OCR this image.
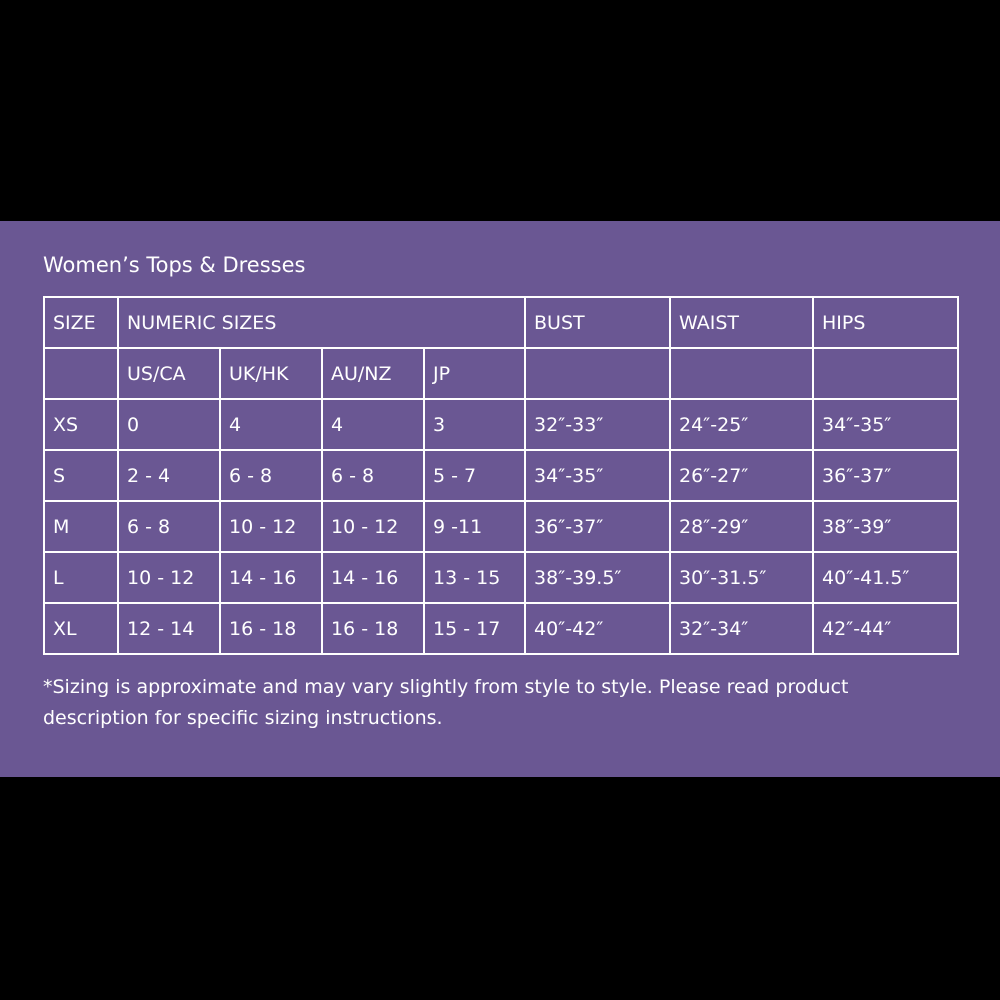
Women’s Tops & Dresses
SIZE	NUMERIC SIZES				BUST	WAIST	HIPS
	US/CA	UK/HK	AU/NZ	JP			
XS	0	4	4	3	32″-33″	24″-25″	34″-35″
S	2 - 4	6 - 8	6 - 8	5 - 7	34″-35″	26″-27″	36″-37″
M	6 - 8	10 - 12	10 - 12	9 -11	36″-37″	28″-29″	38″-39″
L	10 - 12	14 - 16	14 - 16	13 - 15	38″-39.5″	30″-31.5″	40″-41.5″
XL	12 - 14	16 - 18	16 - 18	15 - 17	40″-42″	32″-34″	42″-44″
*Sizing is approximate and may vary slightly from style to style. Please read product description for specific sizing instructions.
